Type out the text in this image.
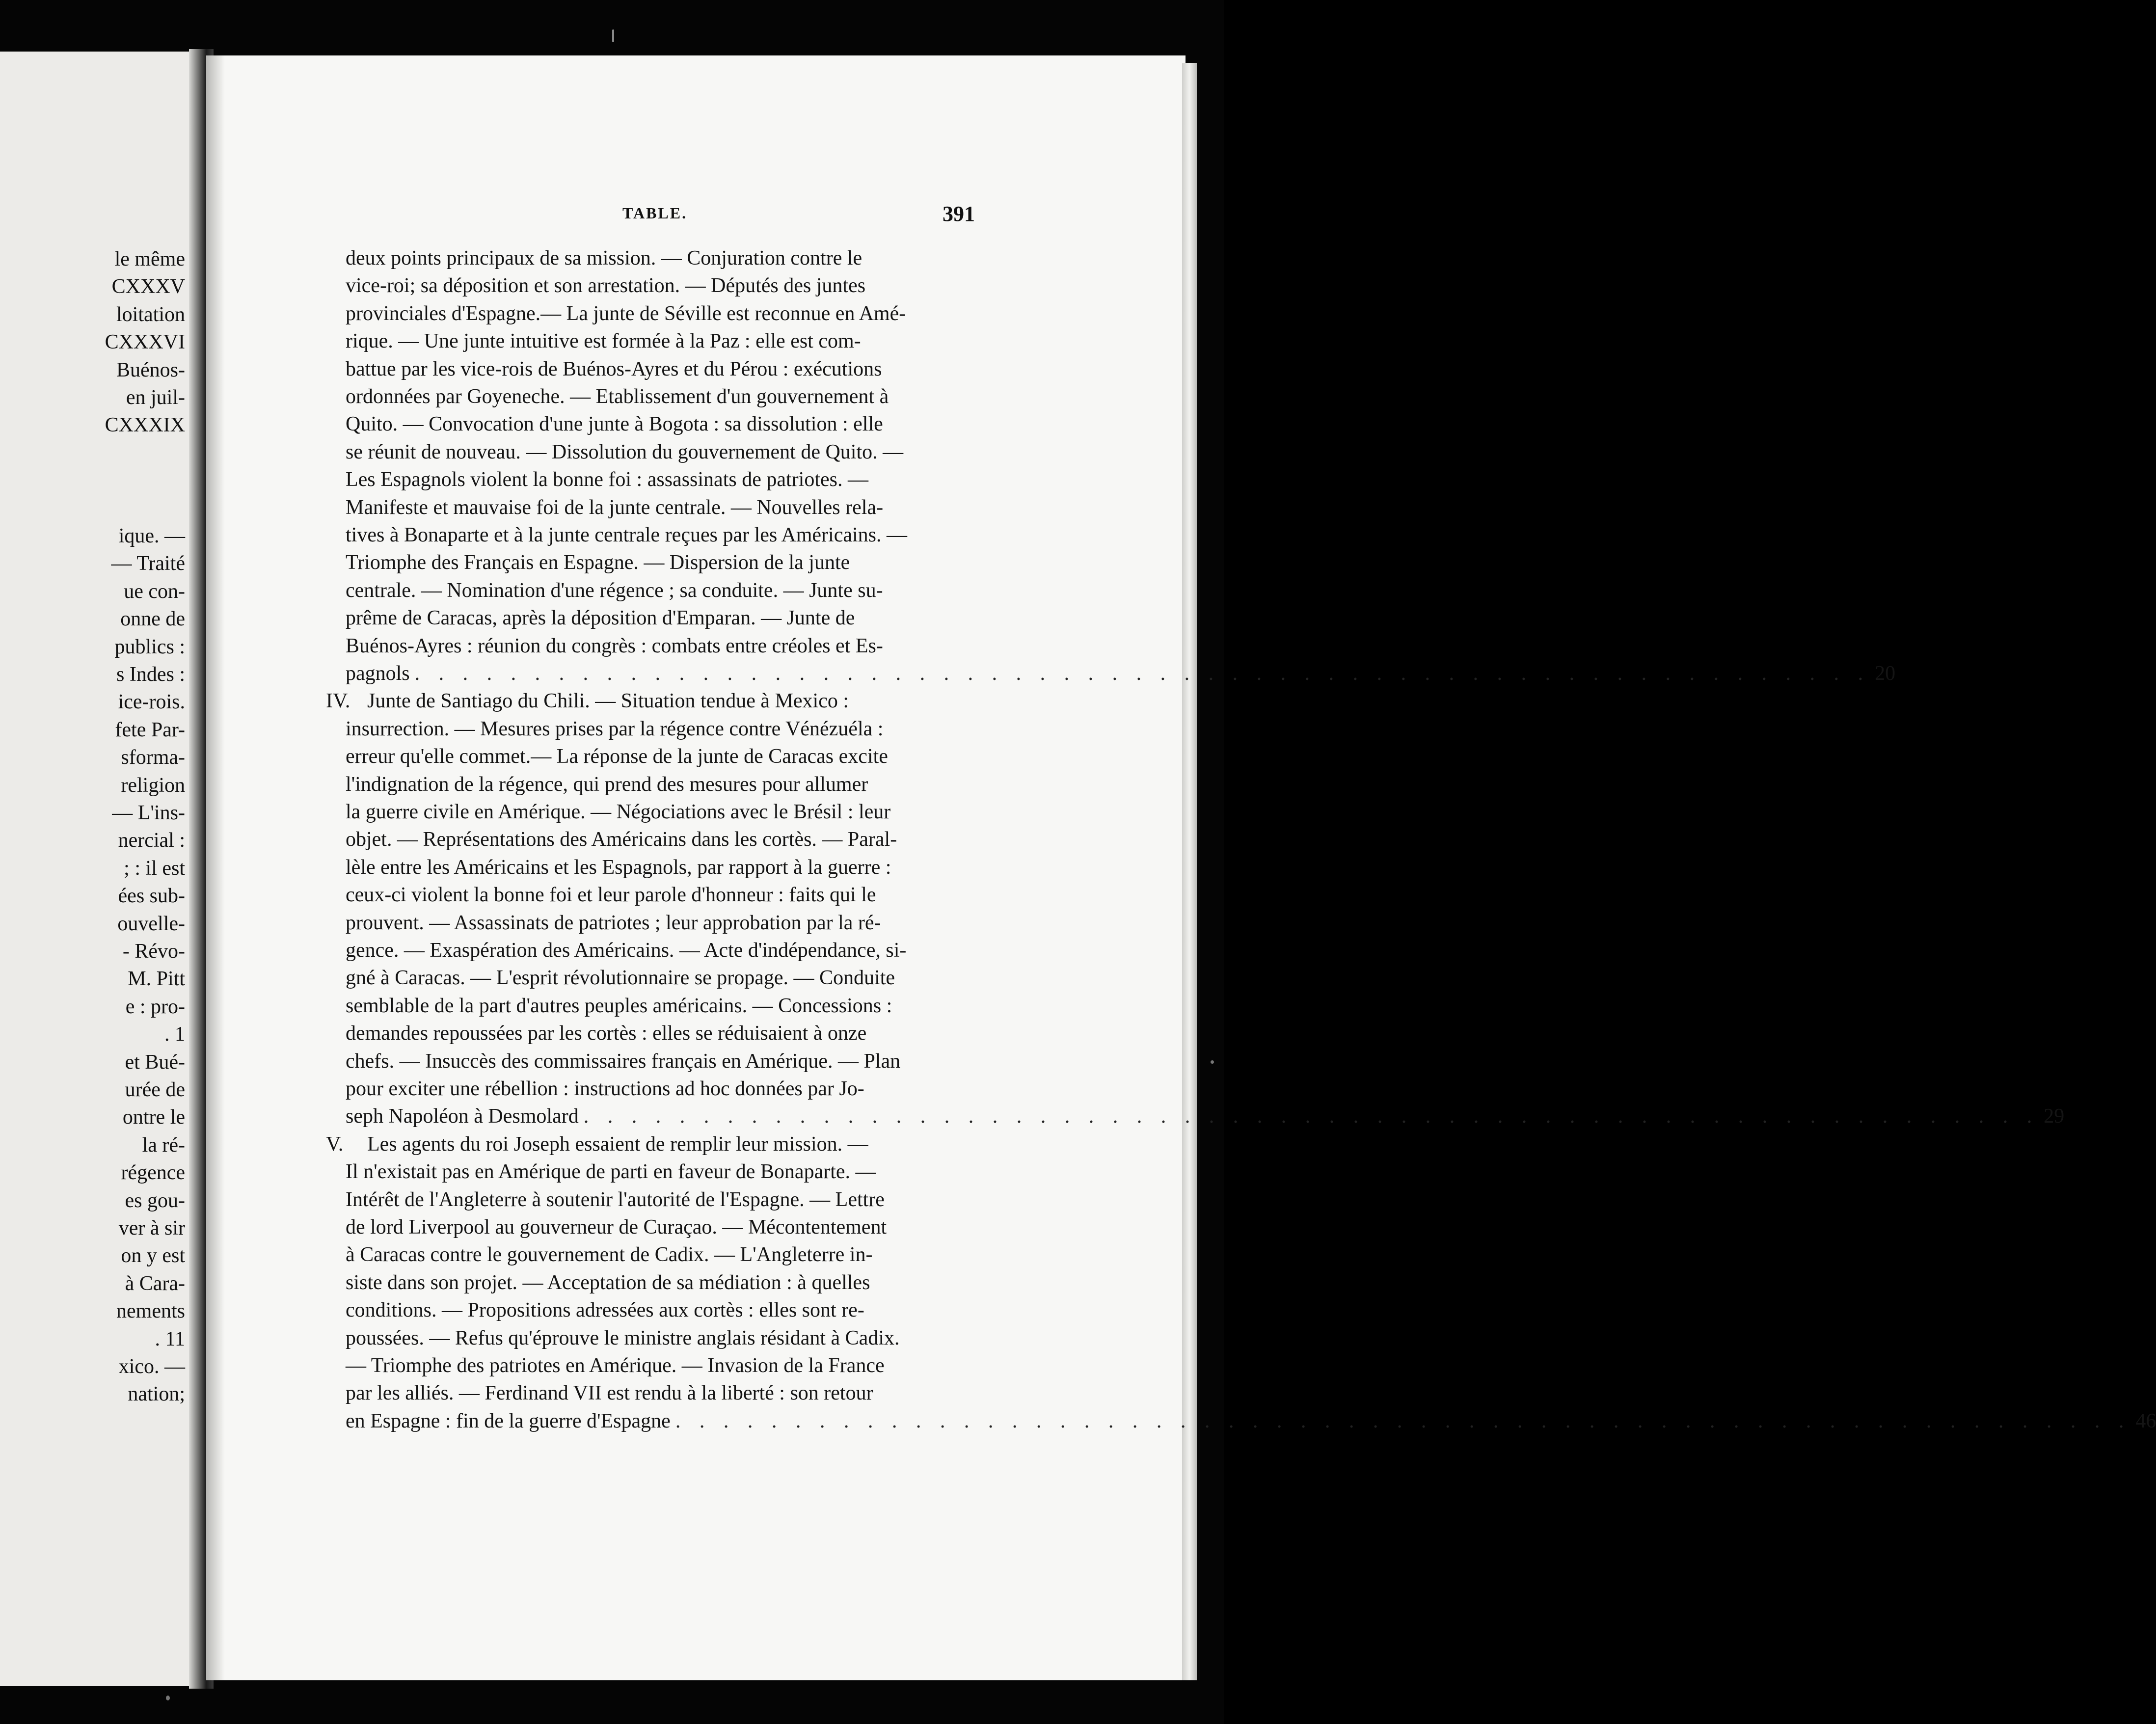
le même
CXXXV
loitation
CXXXVI
Buénos-
en juil-
CXXXIX
ique. —
— Traité
ue con-
onne de
publics :
s Indes :
ice-rois.
fete Par-
sforma-
religion
— L'ins-
nercial :
; : il est
ées sub-
ouvelle-
- Révo-
M. Pitt
e : pro-
. 1
et Bué-
urée de
ontre le
la ré-
régence
es gou-
ver à sir
on y est
à Cara-
nements
. 11
xico. —
nation;
TABLE.	391
deux points principaux de sa mission. — Conjuration contre le
vice-roi; sa déposition et son arrestation. — Députés des juntes
provinciales d'Espagne.— La junte de Séville est reconnue en Amé-
rique. — Une junte intuitive est formée à la Paz : elle est com-
battue par les vice-rois de Buénos-Ayres et du Pérou : exécutions
ordonnées par Goyeneche. — Etablissement d'un gouvernement à
Quito. — Convocation d'une junte à Bogota : sa dissolution : elle
se réunit de nouveau. — Dissolution du gouvernement de Quito. —
Les Espagnols violent la bonne foi : assassinats de patriotes. —
Manifeste et mauvaise foi de la junte centrale. — Nouvelles rela-
tives à Bonaparte et à la junte centrale reçues par les Américains. —
Triomphe des Français en Espagne. — Dispersion de la junte
centrale. — Nomination d'une régence ; sa conduite. — Junte su-
prême de Caracas, après la déposition d'Emparan. — Junte de
Buénos-Ayres : réunion du congrès : combats entre créoles et Es-
pagnols . . . . . . . . . . . . . . . . . . . . . . . . . . . . . . . . . . . . . . . . . . . . . . . . . . . . . . . . . . . . . 20
IV. Junte de Santiago du Chili. — Situation tendue à Mexico :
insurrection. — Mesures prises par la régence contre Vénézuéla :
erreur qu'elle commet.— La réponse de la junte de Caracas excite
l'indignation de la régence, qui prend des mesures pour allumer
la guerre civile en Amérique. — Négociations avec le Brésil : leur
objet. — Représentations des Américains dans les cortès. — Paral-
lèle entre les Américains et les Espagnols, par rapport à la guerre :
ceux-ci violent la bonne foi et leur parole d'honneur : faits qui le
prouvent. — Assassinats de patriotes ; leur approbation par la ré-
gence. — Exaspération des Américains. — Acte d'indépendance, si-
gné à Caracas. — L'esprit révolutionnaire se propage. — Conduite
semblable de la part d'autres peuples américains. — Concessions :
demandes repoussées par les cortès : elles se réduisaient à onze
chefs. — Insuccès des commissaires français en Amérique. — Plan
pour exciter une rébellion : instructions ad hoc données par Jo-
seph Napoléon à Desmolard . . . . . . . . . . . . . . . . . . . . . . . . . . . . . . . . . . . . . . . . . . . . . . . . . . . . . . . . . . . . . 29
V. Les agents du roi Joseph essaient de remplir leur mission. —
Il n'existait pas en Amérique de parti en faveur de Bonaparte. —
Intérêt de l'Angleterre à soutenir l'autorité de l'Espagne. — Lettre
de lord Liverpool au gouverneur de Curaçao. — Mécontentement
à Caracas contre le gouvernement de Cadix. — L'Angleterre in-
siste dans son projet. — Acceptation de sa médiation : à quelles
conditions. — Propositions adressées aux cortès : elles sont re-
poussées. — Refus qu'éprouve le ministre anglais résidant à Cadix.
— Triomphe des patriotes en Amérique. — Invasion de la France
par les alliés. — Ferdinand VII est rendu à la liberté : son retour
en Espagne : fin de la guerre d'Espagne . . . . . . . . . . . . . . . . . . . . . . . . . . . . . . . . . . . . . . . . . . . . . . . . . . . . . . . . . . . . . 46
